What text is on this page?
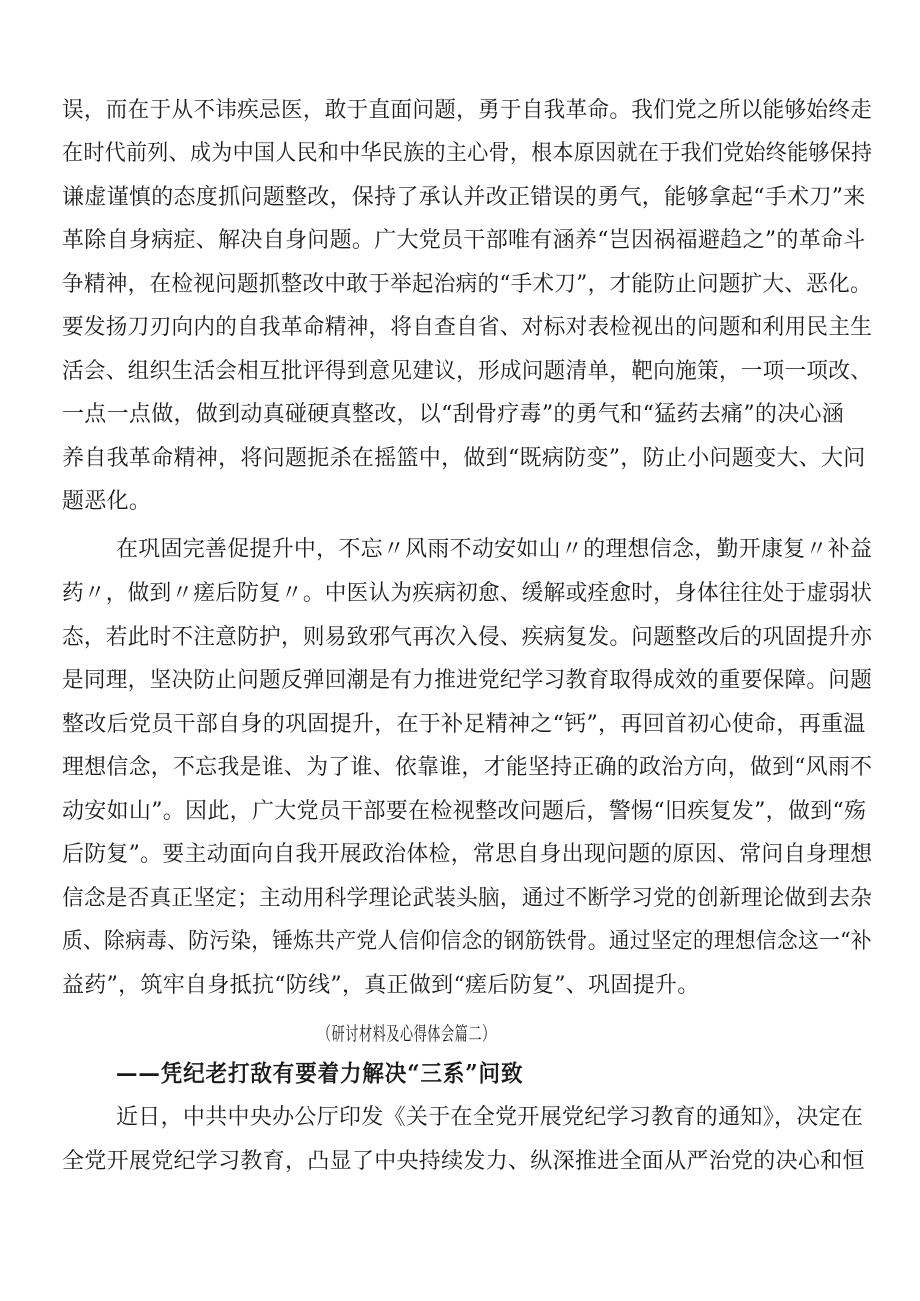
误，而在于从不讳疾忌医，敢于直面问题，勇于自我革命。我们党之所以能够始终走
在时代前列、成为中国人民和中华民族的主心骨，根本原因就在于我们党始终能够保持
谦虚谨慎的态度抓问题整改，保持了承认并改正错误的勇气，能够拿起“手术刀”来
革除自身病症、解决自身问题。广大党员干部唯有涵养“岂因祸福避趋之”的革命斗
争精神，在检视问题抓整改中敢于举起治病的“手术刀”，才能防止问题扩大、恶化。
要发扬刀刃向内的自我革命精神，将自查自省、对标对表检视出的问题和利用民主生
活会、组织生活会相互批评得到意见建议，形成问题清单，靶向施策，一项一项改、
一点一点做，做到动真碰硬真整改，以“刮骨疗毒”的勇气和“猛药去痛”的决心涵
养自我革命精神，将问题扼杀在摇篮中，做到“既病防变”，防止小问题变大、大问
题恶化。
在巩固完善促提升中，不忘〃风雨不动安如山〃的理想信念，勤开康复〃补益
药〃，做到〃瘥后防复〃。中医认为疾病初愈、缓解或痊愈时，身体往往处于虚弱状
态，若此时不注意防护，则易致邪气再次入侵、疾病复发。问题整改后的巩固提升亦
是同理，坚决防止问题反弹回潮是有力推进党纪学习教育取得成效的重要保障。问题
整改后党员干部自身的巩固提升，在于补足精神之“钙”，再回首初心使命，再重温
理想信念，不忘我是谁、为了谁、依靠谁，才能坚持正确的政治方向，做到“风雨不
动安如山”。因此，广大党员干部要在检视整改问题后，警惕“旧疾复发”，做到“殇
后防复”。要主动面向自我开展政治体检，常思自身出现问题的原因、常问自身理想
信念是否真正坚定；主动用科学理论武装头脑，通过不断学习党的创新理论做到去杂
质、除病毒、防污染，锤炼共产党人信仰信念的钢筋铁骨。通过坚定的理想信念这一“补
益药”，筑牢自身抵抗“防线”，真正做到“瘥后防复”、巩固提升。
（研讨材料及心得体会篇二）
——凭纪老打敌有要着力解决“三系”问致
近日，中共中央办公厅印发《关于在全党开展党纪学习教育的通知》，决定在
全党开展党纪学习教育，凸显了中央持续发力、纵深推进全面从严治党的决心和恒
